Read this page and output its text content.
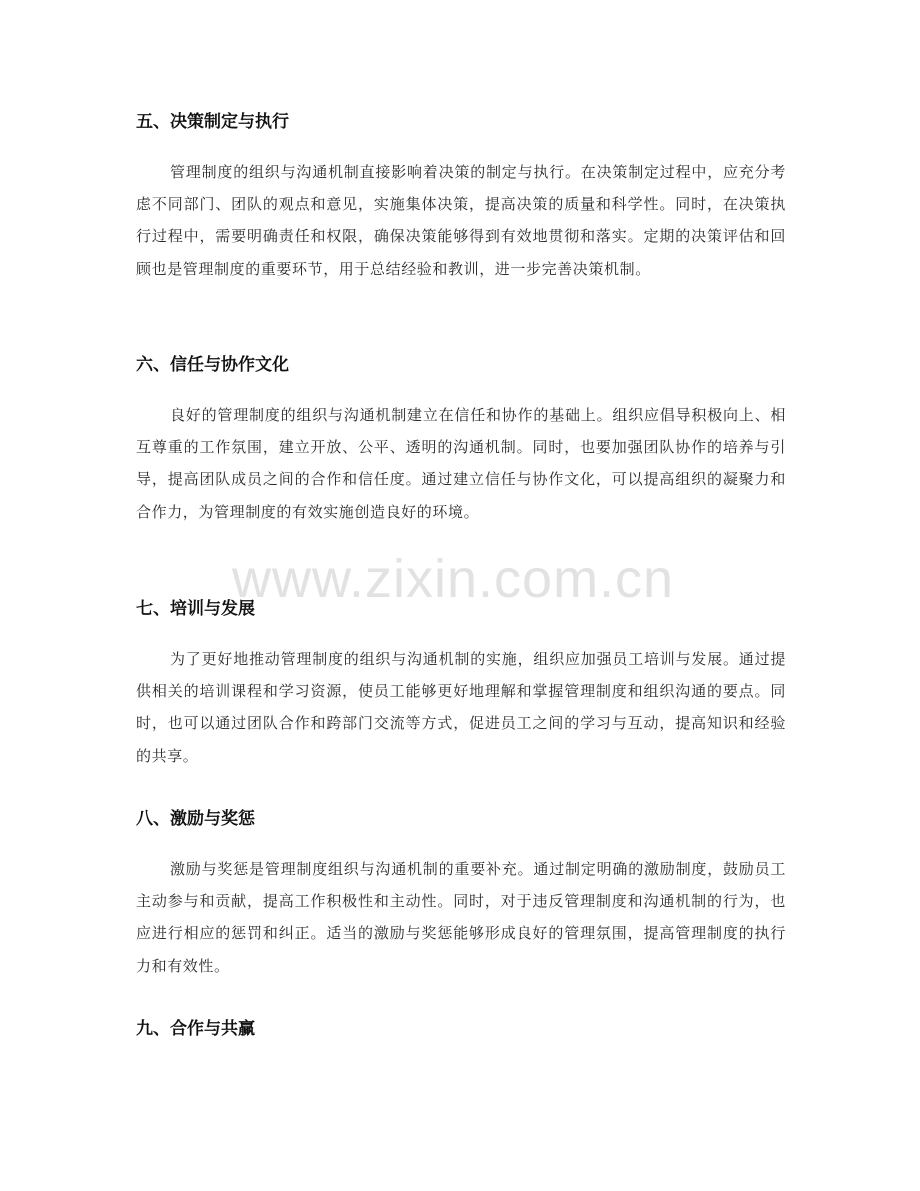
五、决策制定与执行
管理制度的组织与沟通机制直接影响着决策的制定与执行。在决策制定过程中，应充分考虑不同部门、团队的观点和意见，实施集体决策，提高决策的质量和科学性。同时，在决策执行过程中，需要明确责任和权限，确保决策能够得到有效地贯彻和落实。定期的决策评估和回顾也是管理制度的重要环节，用于总结经验和教训，进一步完善决策机制。
六、信任与协作文化
良好的管理制度的组织与沟通机制建立在信任和协作的基础上。组织应倡导积极向上、相互尊重的工作氛围，建立开放、公平、透明的沟通机制。同时，也要加强团队协作的培养与引导，提高团队成员之间的合作和信任度。通过建立信任与协作文化，可以提高组织的凝聚力和合作力，为管理制度的有效实施创造良好的环境。
七、培训与发展
为了更好地推动管理制度的组织与沟通机制的实施，组织应加强员工培训与发展。通过提供相关的培训课程和学习资源，使员工能够更好地理解和掌握管理制度和组织沟通的要点。同时，也可以通过团队合作和跨部门交流等方式，促进员工之间的学习与互动，提高知识和经验的共享。
八、激励与奖惩
激励与奖惩是管理制度组织与沟通机制的重要补充。通过制定明确的激励制度，鼓励员工主动参与和贡献，提高工作积极性和主动性。同时，对于违反管理制度和沟通机制的行为，也应进行相应的惩罚和纠正。适当的激励与奖惩能够形成良好的管理氛围，提高管理制度的执行力和有效性。
九、合作与共赢
www.zixin.com.cn
